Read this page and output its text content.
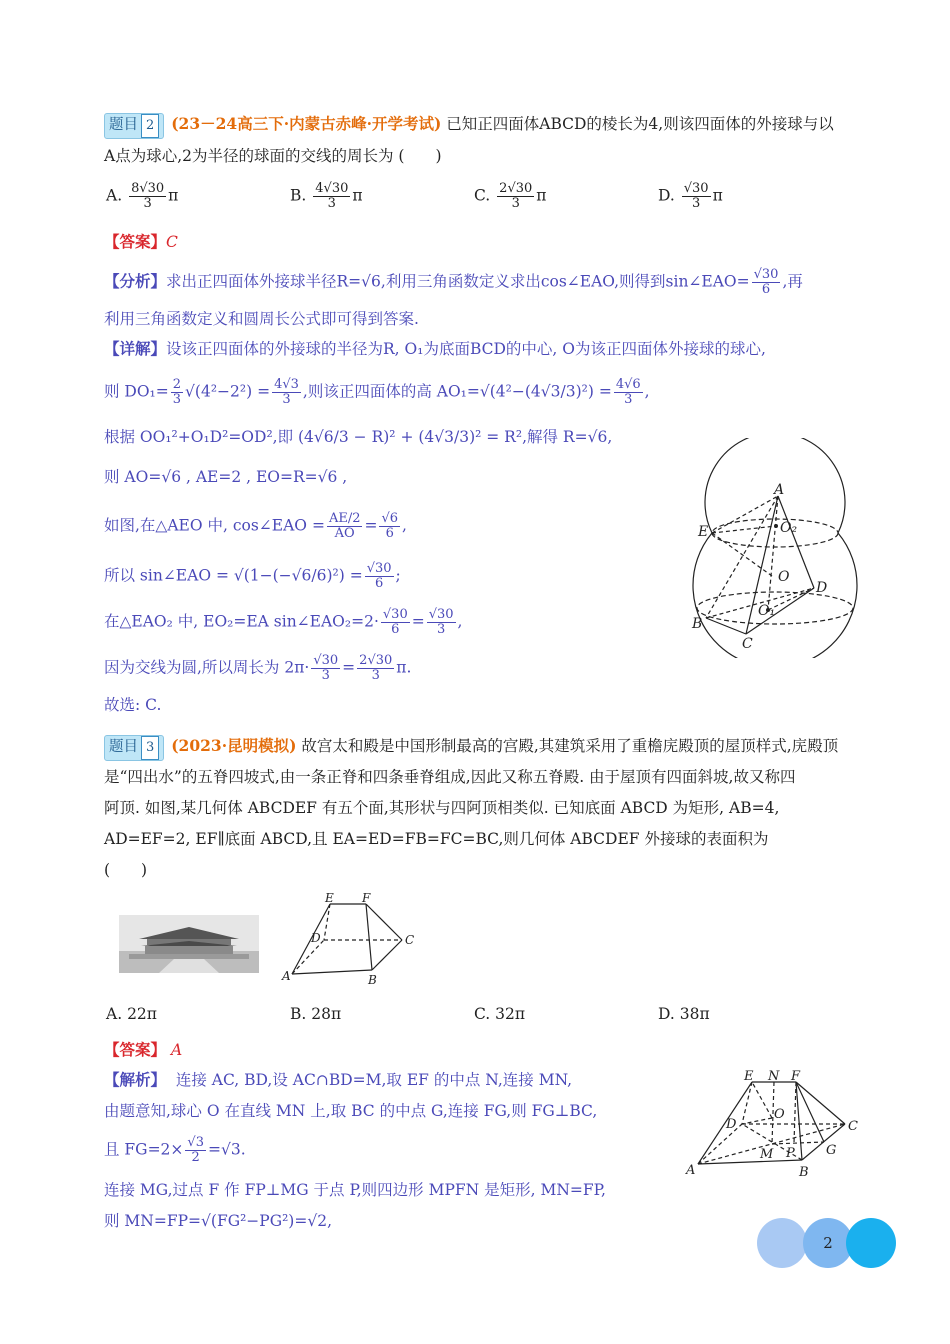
题目 2 (23－24高三下·内蒙古赤峰·开学考试) 已知正四面体ABCD的棱长为4,则该四面体的外接球与以
A点为球心,2为半径的球面的交线的周长为 (　　)
A. $\frac{8√30}{3}$ π	B. $\frac{4√30}{3}$ π	C. $\frac{2√30}{3}$ π	D. $\frac{√30}{3}$ π
【答案】C
【分析】求出正四面体外接球半径R=√6,利用三角函数定义求出cos∠EAO,则得到sin∠EAO= $\frac{√30}{6}$ ,再
利用三角函数定义和圆周长公式即可得到答案.
【详解】设该正四面体的外接球的半径为R, O₁为底面BCD的中心, O为该正四面体外接球的球心,
则 $DO_1= \frac{2}{3} √(4^2-2^2) = \frac{4√3}{3}$ ,则该正四面体的高 $AO_1=√(4^2-(4√3/3)^2) = \frac{4√6}{3}$ ,
根据 OO₁²+O₁D²=OD²,即 (4√6/3 − R)² + (4√3/3)² = R²,解得 R=√6,
则 AO=√6 , AE=2 , EO=R=√6 ,
如图,在△AEO 中, cos∠EAO = $\frac{AE/2}{AO} = \frac{√6}{6}$ ,
所以 sin∠EAO = $√(1-(-√6/6)^2) = \frac{√30}{6}$ ;
在△EAO₂ 中, EO₂=EA sin∠EAO₂=2· $\frac{√30}{6} = \frac{√30}{3}$ ,
因为交线为圆,所以周长为 $2\pi\cdot \frac{√30}{3} = \frac{2√30}{3} \pi$.
故选: C.
A
E	O₂
O
D
O₁
B
C
题目 3 (2023·昆明模拟) 故宫太和殿是中国形制最高的宫殿,其建筑采用了重檐庑殿顶的屋顶样式,庑殿顶
是“四出水”的五脊四坡式,由一条正脊和四条垂脊组成,因此又称五脊殿. 由于屋顶有四面斜坡,故又称四
阿顶. 如图,某几何体 ABCDEF 有五个面,其形状与四阿顶相类似. 已知底面 ABCD 为矩形, AB=4,
AD=EF=2, EF∥底面 ABCD,且 EA=ED=FB=FC=BC,则几何体 ABCDEF 外接球的表面积为
(　　)
E F
D	C
A	B
A. 22π	B. 28π	C. 32π	D. 38π
【答案】 A
【解析】 连接 AC, BD,设 AC∩BD=M,取 EF 的中点 N,连接 MN,
由题意知,球心 O 在直线 MN 上,取 BC 的中点 G,连接 FG,则 FG⊥BC,
且 $FG=2\times \frac{√3}{2} =√3$.
连接 MG,过点 F 作 FP⊥MG 于点 P,则四边形 MPFN 是矩形, MN=FP,
则 MN=FP=√(FG²−PG²)=√2,
E N F
D
O
C
M P G
A	B
2
